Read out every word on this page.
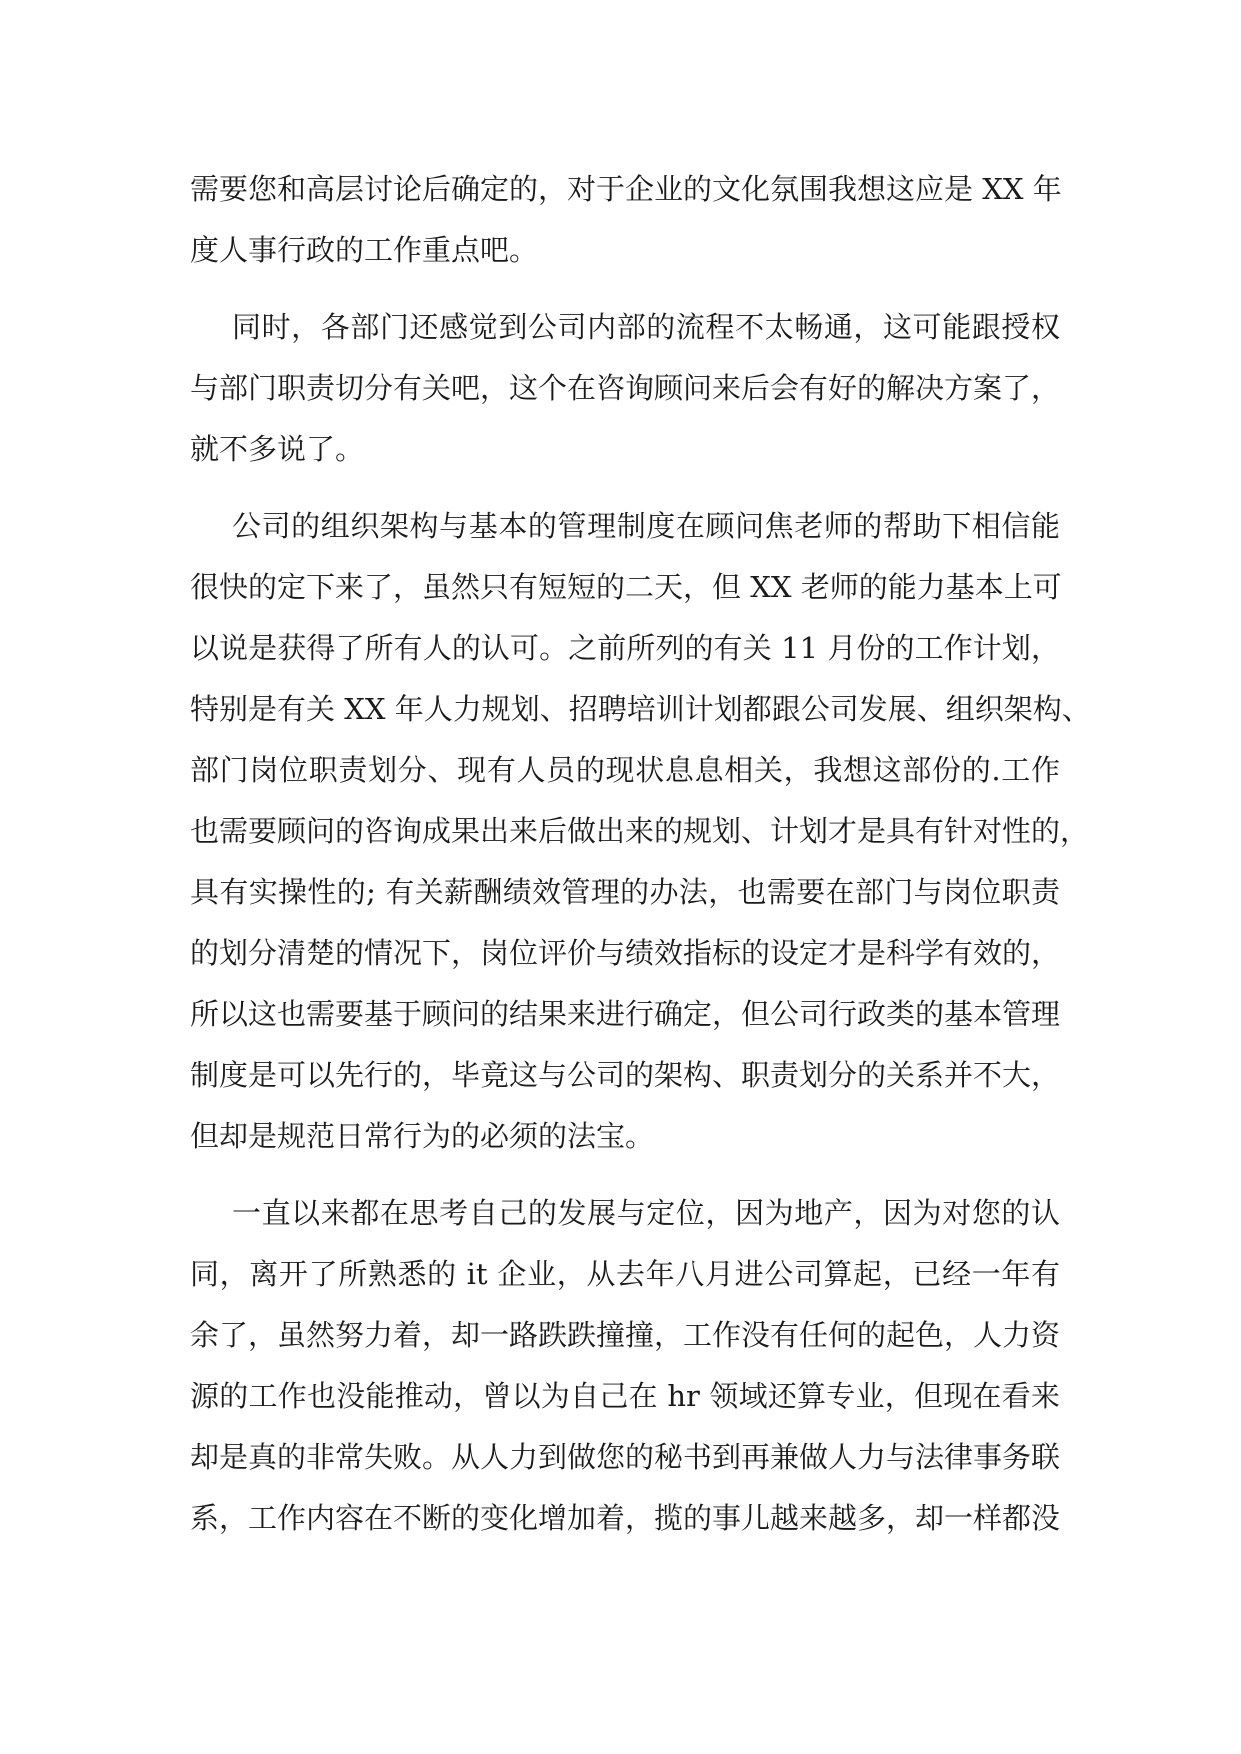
需要您和高层讨论后确定的，对于企业的文化氛围我想这应是 XX 年
度人事行政的工作重点吧。
同时，各部门还感觉到公司内部的流程不太畅通，这可能跟授权
与部门职责切分有关吧，这个在咨询顾问来后会有好的解决方案了，
就不多说了。
公司的组织架构与基本的管理制度在顾问焦老师的帮助下相信能
很快的定下来了，虽然只有短短的二天，但 XX 老师的能力基本上可
以说是获得了所有人的认可。之前所列的有关 11 月份的工作计划，
特别是有关 XX 年人力规划、招聘培训计划都跟公司发展、组织架构、
部门岗位职责划分、现有人员的现状息息相关，我想这部份的.工作
也需要顾问的咨询成果出来后做出来的规划、计划才是具有针对性的，
具有实操性的; 有关薪酬绩效管理的办法，也需要在部门与岗位职责
的划分清楚的情况下，岗位评价与绩效指标的设定才是科学有效的，
所以这也需要基于顾问的结果来进行确定，但公司行政类的基本管理
制度是可以先行的，毕竟这与公司的架构、职责划分的关系并不大，
但却是规范日常行为的必须的法宝。
一直以来都在思考自己的发展与定位，因为地产，因为对您的认
同，离开了所熟悉的 it 企业，从去年八月进公司算起，已经一年有
余了，虽然努力着，却一路跌跌撞撞，工作没有任何的起色，人力资
源的工作也没能推动，曾以为自己在 hr 领域还算专业，但现在看来
却是真的非常失败。从人力到做您的秘书到再兼做人力与法律事务联
系，工作内容在不断的变化增加着，揽的事儿越来越多，却一样都没
